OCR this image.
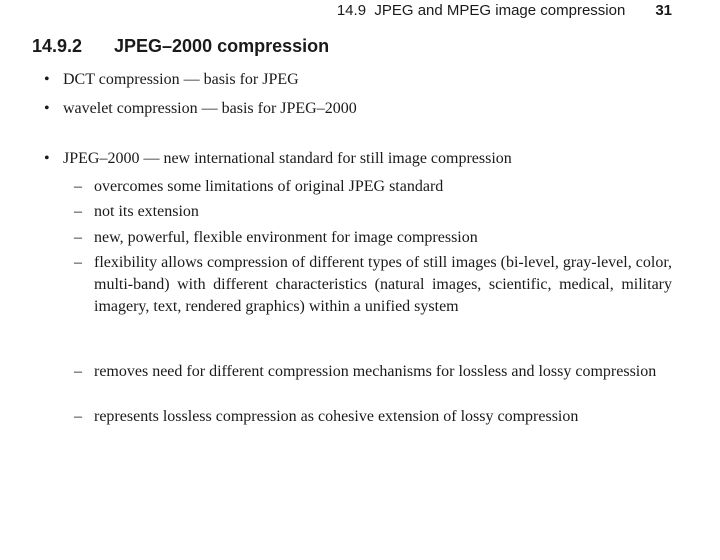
14.9  JPEG and MPEG image compression 31
14.9.2 JPEG–2000 compression
• DCT compression — basis for JPEG
• wavelet compression — basis for JPEG–2000
• JPEG–2000 — new international standard for still image compression
– overcomes some limitations of original JPEG standard
– not its extension
– new, powerful, flexible environment for image compression
– flexibility allows compression of different types of still images (bi-level, gray-level, color, multi-band) with different characteristics (natural images, scientific, medical, military imagery, text, rendered graphics) within a unified system
– removes need for different compression mechanisms for lossless and lossy compression
– represents lossless compression as cohesive extension of lossy compression
